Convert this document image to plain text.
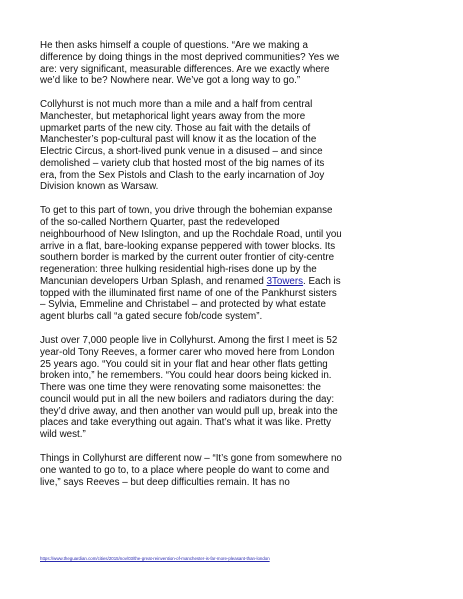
He then asks himself a couple of questions. “Are we making a
difference by doing things in the most deprived communities? Yes we
are: very significant, measurable differences. Are we exactly where
we’d like to be? Nowhere near. We’ve got a long way to go.”
Collyhurst is not much more than a mile and a half from central
Manchester, but metaphorical light years away from the more
upmarket parts of the new city. Those au fait with the details of
Manchester’s pop-cultural past will know it as the location of the
Electric Circus, a short-lived punk venue in a disused – and since
demolished – variety club that hosted most of the big names of its
era, from the Sex Pistols and Clash to the early incarnation of Joy
Division known as Warsaw.
To get to this part of town, you drive through the bohemian expanse
of the so-called Northern Quarter, past the redeveloped
neighbourhood of New Islington, and up the Rochdale Road, until you
arrive in a flat, bare-looking expanse peppered with tower blocks. Its
southern border is marked by the current outer frontier of city-centre
regeneration: three hulking residential high-rises done up by the
Mancunian developers Urban Splash, and renamed 3Towers. Each is
topped with the illuminated first name of one of the Pankhurst sisters
– Sylvia, Emmeline and Christabel – and protected by what estate
agent blurbs call “a gated secure fob/code system”.
Just over 7,000 people live in Collyhurst. Among the first I meet is 52
year-old Tony Reeves, a former carer who moved here from London
25 years ago. “You could sit in your flat and hear other flats getting
broken into,” he remembers. “You could hear doors being kicked in.
There was one time they were renovating some maisonettes: the
council would put in all the new boilers and radiators during the day:
they’d drive away, and then another van would pull up, break into the
places and take everything out again. That’s what it was like. Pretty
wild west.”
Things in Collyhurst are different now – “It’s gone from somewhere no
one wanted to go to, to a place where people do want to come and
live,” says Reeves – but deep difficulties remain. It has no
https://www.theguardian.com/cities/2015/nov/03/the-great-reinvention-of-manchester-is-far-more-pleasant-than-london
